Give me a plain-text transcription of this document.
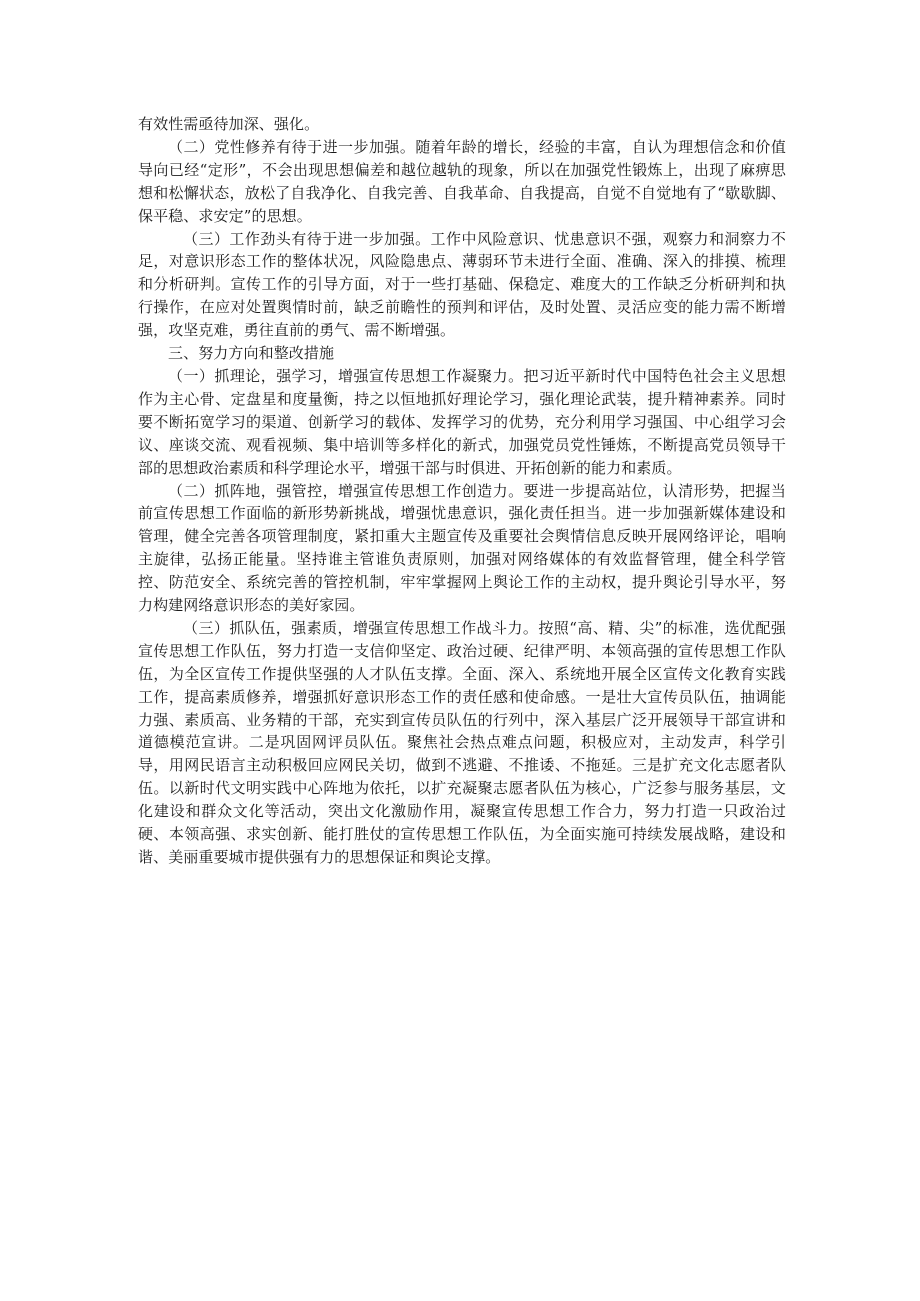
有效性需亟待加深、强化。

（二）党性修养有待于进一步加强。随着年龄的增长，经验的丰富，自认为理想信念和价值导向已经“定形”，不会出现思想偏差和越位越轨的现象，所以在加强党性锻炼上，出现了麻痹思想和松懈状态，放松了自我净化、自我完善、自我革命、自我提高，自觉不自觉地有了“歇歇脚、保平稳、求安定”的思想。

（三）工作劲头有待于进一步加强。工作中风险意识、忧患意识不强，观察力和洞察力不足，对意识形态工作的整体状况，风险隐患点、薄弱环节未进行全面、准确、深入的排摸、梳理和分析研判。宣传工作的引导方面，对于一些打基础、保稳定、难度大的工作缺乏分析研判和执行操作，在应对处置舆情时前，缺乏前瞻性的预判和评估，及时处置、灵活应变的能力需不断增强，攻坚克难，勇往直前的勇气、需不断增强。

三、努力方向和整改措施

（一）抓理论，强学习，增强宣传思想工作凝聚力。把习近平新时代中国特色社会主义思想作为主心骨、定盘星和度量衡，持之以恒地抓好理论学习，强化理论武装，提升精神素养。同时要不断拓宽学习的渠道、创新学习的载体、发挥学习的优势，充分利用学习强国、中心组学习会议、座谈交流、观看视频、集中培训等多样化的新式，加强党员党性锤炼，不断提高党员领导干部的思想政治素质和科学理论水平，增强干部与时俱进、开拓创新的能力和素质。

（二）抓阵地，强管控，增强宣传思想工作创造力。要进一步提高站位，认清形势，把握当前宣传思想工作面临的新形势新挑战，增强忧患意识，强化责任担当。进一步加强新媒体建设和管理，健全完善各项管理制度，紧扣重大主题宣传及重要社会舆情信息反映开展网络评论，唱响主旋律，弘扬正能量。坚持谁主管谁负责原则，加强对网络媒体的有效监督管理，健全科学管控、防范安全、系统完善的管控机制，牢牢掌握网上舆论工作的主动权，提升舆论引导水平，努力构建网络意识形态的美好家园。

（三）抓队伍，强素质，增强宣传思想工作战斗力。按照“高、精、尖”的标准，选优配强宣传思想工作队伍，努力打造一支信仰坚定、政治过硬、纪律严明、本领高强的宣传思想工作队伍，为全区宣传工作提供坚强的人才队伍支撑。全面、深入、系统地开展全区宣传文化教育实践工作，提高素质修养，增强抓好意识形态工作的责任感和使命感。一是壮大宣传员队伍，抽调能力强、素质高、业务精的干部，充实到宣传员队伍的行列中，深入基层广泛开展领导干部宣讲和道德模范宣讲。二是巩固网评员队伍。聚焦社会热点难点问题，积极应对，主动发声，科学引导，用网民语言主动积极回应网民关切，做到不逃避、不推诿、不拖延。三是扩充文化志愿者队伍。以新时代文明实践中心阵地为依托，以扩充凝聚志愿者队伍为核心，广泛参与服务基层，文化建设和群众文化等活动，突出文化激励作用，凝聚宣传思想工作合力，努力打造一只政治过硬、本领高强、求实创新、能打胜仗的宣传思想工作队伍，为全面实施可持续发展战略，建设和谐、美丽重要城市提供强有力的思想保证和舆论支撑。
